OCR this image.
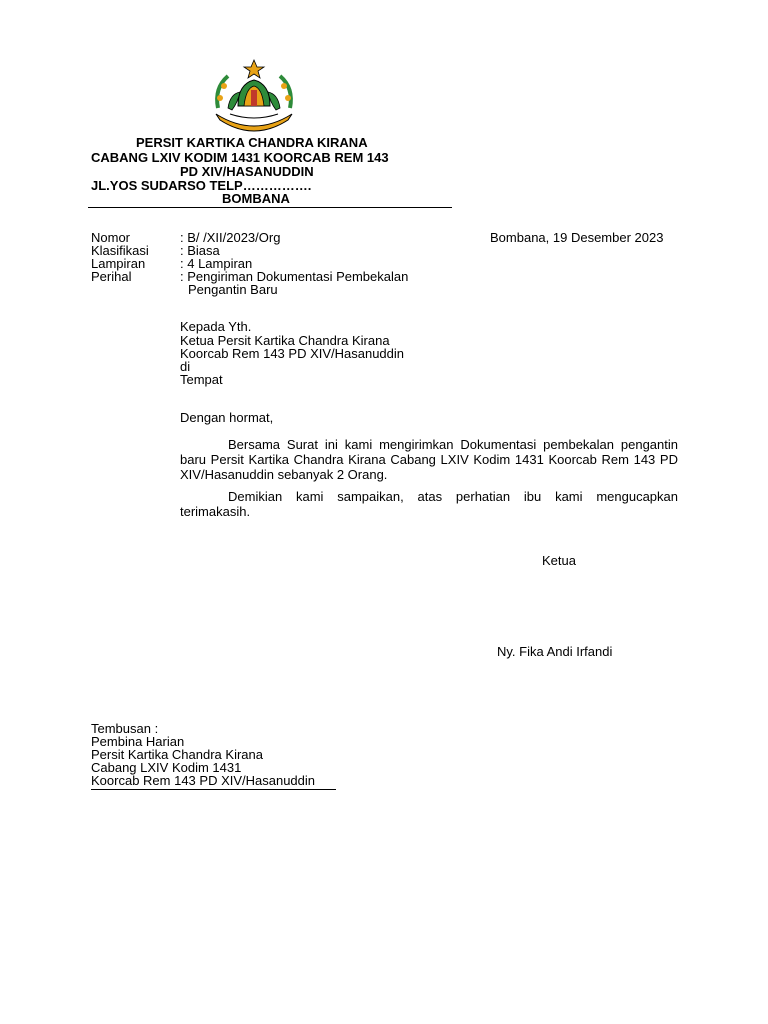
PERSIT KARTIKA CHANDRA KIRANA
CABANG LXIV KODIM 1431 KOORCAB REM 143
PD XIV/HASANUDDIN
JL.YOS SUDARSO TELP…………….
BOMBANA
Nomor	: B/ /XII/2023/Org	Bombana, 19 Desember 2023
Klasifikasi : Biasa
Lampiran	: 4 Lampiran
Perihal	: Pengiriman Dokumentasi Pembekalan
Pengantin Baru
Kepada Yth.
Ketua Persit Kartika Chandra Kirana
Koorcab Rem 143 PD XIV/Hasanuddin
di
Tempat
Dengan hormat,
Bersama Surat ini kami mengirimkan Dokumentasi pembekalan pengantin baru Persit Kartika Chandra Kirana Cabang LXIV Kodim 1431 Koorcab Rem 143 PD XIV/Hasanuddin sebanyak 2 Orang.
Demikian kami sampaikan, atas perhatian ibu kami mengucapkan terimakasih.
Ketua
Ny. Fika Andi Irfandi
Tembusan :
Pembina Harian
Persit Kartika Chandra Kirana
Cabang LXIV Kodim 1431
Koorcab Rem 143 PD XIV/Hasanuddin
